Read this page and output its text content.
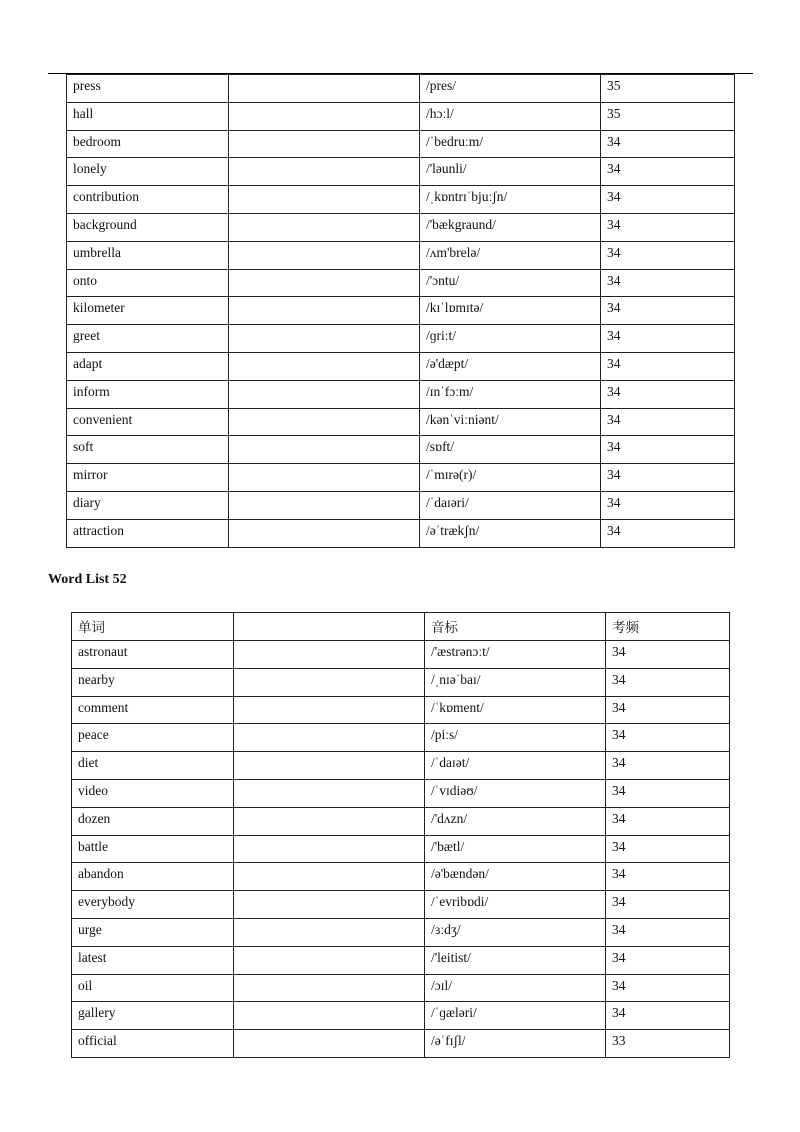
press		/pres/	35
hall		/hɔːl/	35
bedroom		/ˈbedruːm/	34
lonely		/'ləunli/	34
contribution		/ˌkɒntrɪˈbjuːʃn/	34
background		/'bækgraund/	34
umbrella		/ʌm'brelə/	34
onto		/'ɔntu/	34
kilometer		/kɪˈlɒmɪtə/	34
greet		/ɡriːt/	34
adapt		/ə'dæpt/	34
inform		/ɪnˈfɔːm/	34
convenient		/kənˈviːniənt/	34
soft		/sɒft/	34
mirror		/ˈmɪrə(r)/	34
diary		/ˈdaɪəri/	34
attraction		/əˈtrækʃn/	34
Word List 52
单词		音标	考频
astronaut		/'æstrənɔːt/	34
nearby		/ˌnɪəˈbaɪ/	34
comment		/ˈkɒment/	34
peace		/piːs/	34
diet		/ˈdaɪət/	34
video		/ˈvɪdiəʊ/	34
dozen		/'dʌzn/	34
battle		/'bætl/	34
abandon		/ə'bændən/	34
everybody		/ˈevribɒdi/	34
urge		/ɜːdʒ/	34
latest		/'leitist/	34
oil		/ɔɪl/	34
gallery		/ˈɡæləri/	34
official		/əˈfɪʃl/	33
